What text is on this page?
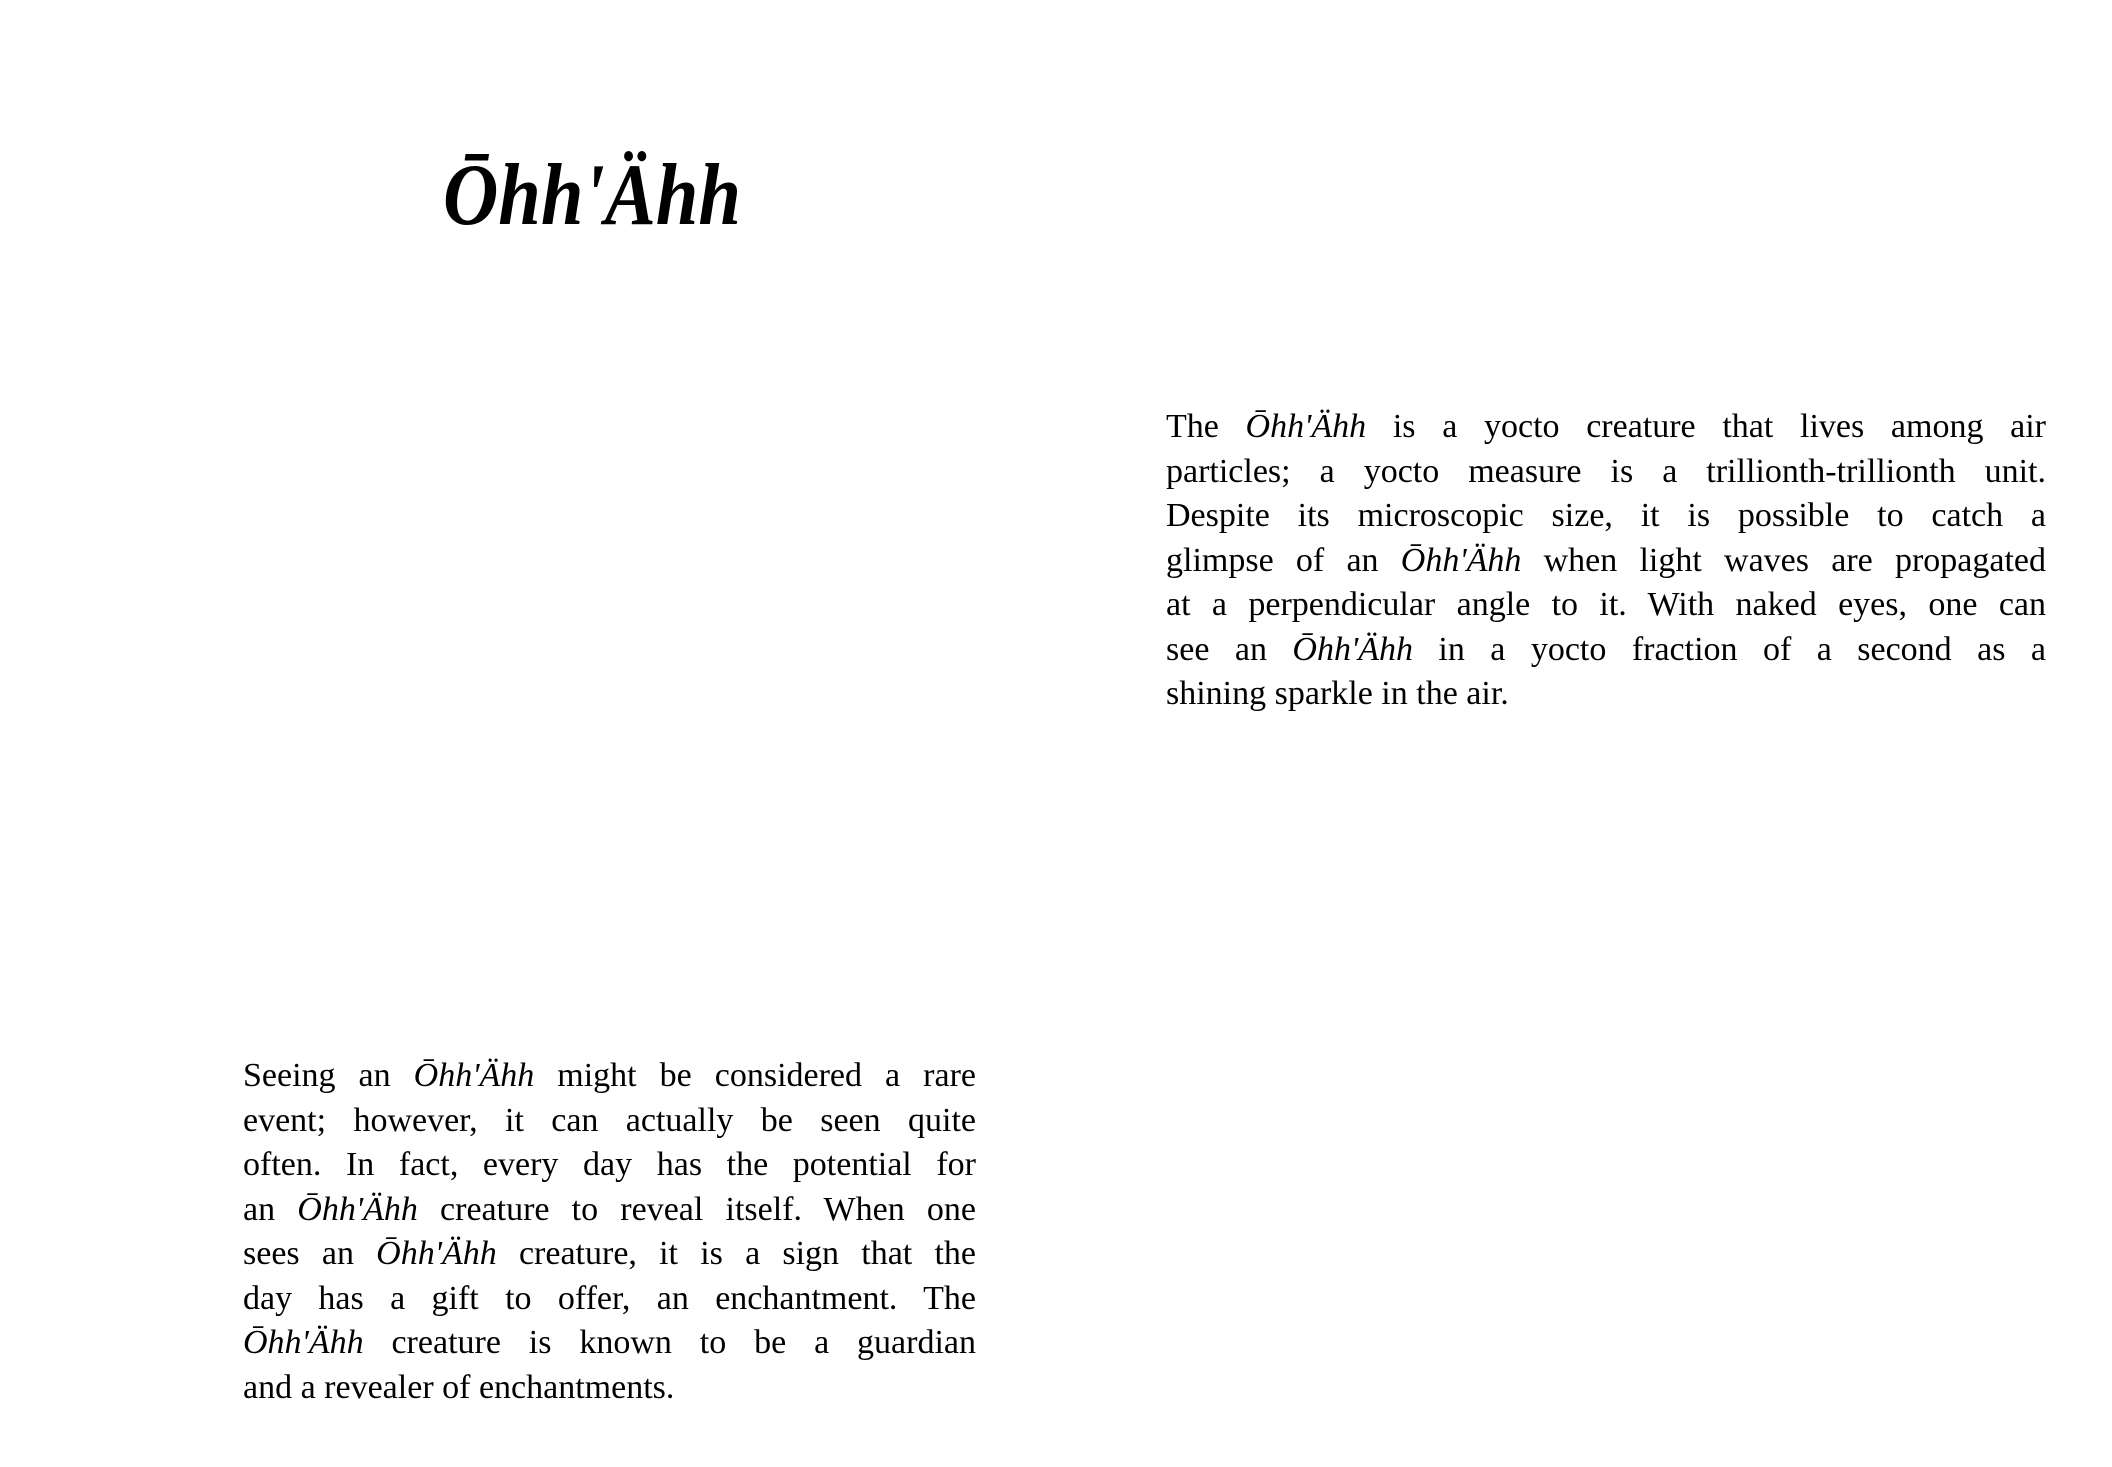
Ōhh'Ähh
The Ōhh'Ähh is a yocto creature that lives among air
particles; a yocto measure is a trillionth-trillionth unit.
Despite its microscopic size, it is possible to catch a
glimpse of an Ōhh'Ähh when light waves are propagated
at a perpendicular angle to it. With naked eyes, one can
see an Ōhh'Ähh in a yocto fraction of a second as a
shining sparkle in the air.
Seeing an Ōhh'Ähh might be considered a rare
event; however, it can actually be seen quite
often. In fact, every day has the potential for
an Ōhh'Ähh creature to reveal itself. When one
sees an Ōhh'Ähh creature, it is a sign that the
day has a gift to offer, an enchantment. The
Ōhh'Ähh creature is known to be a guardian
and a revealer of enchantments.
